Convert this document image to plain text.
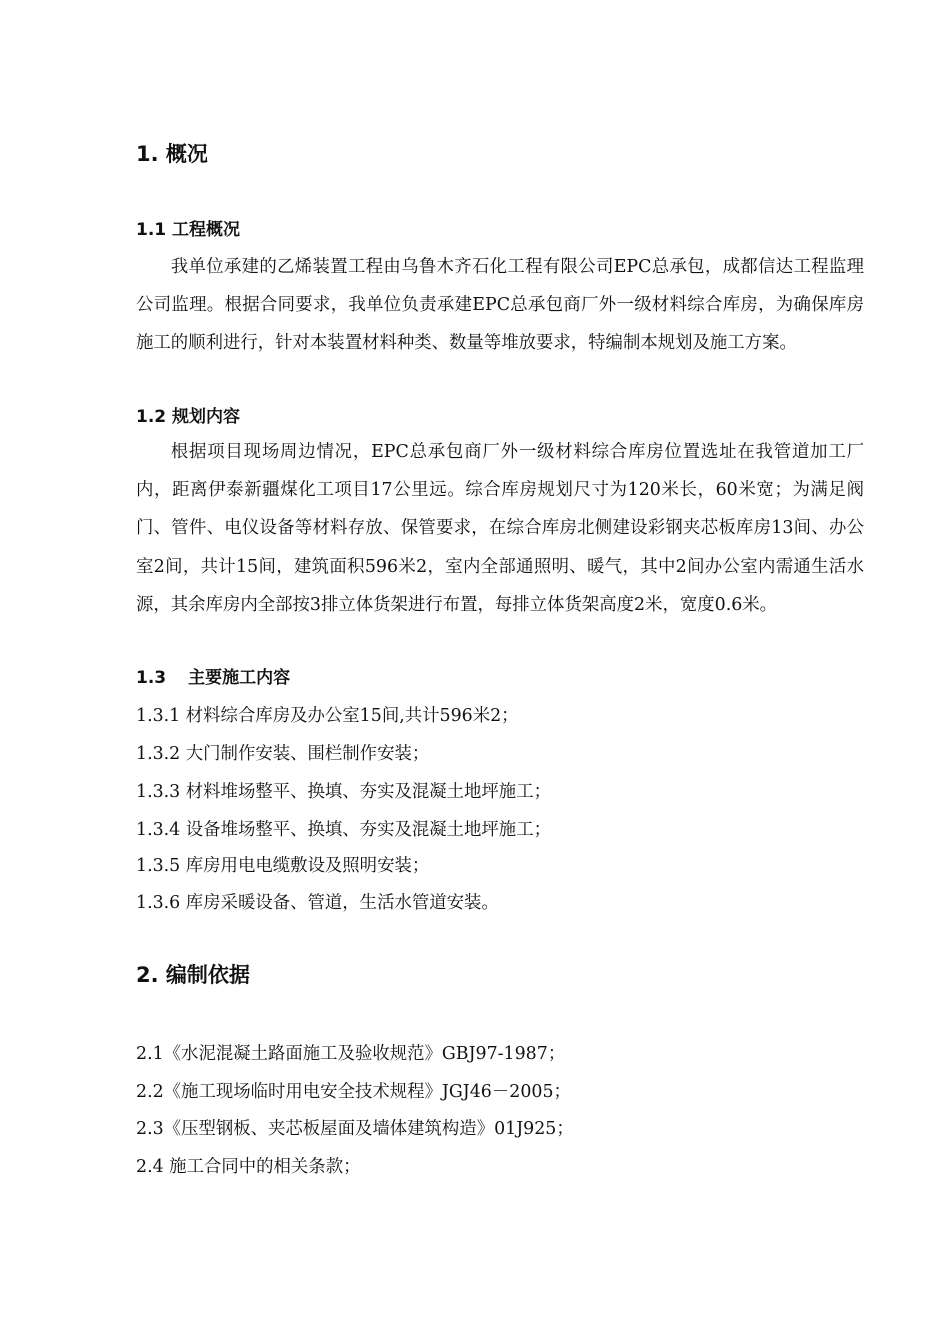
1. 概况
1.1 工程概况

我单位承建的乙烯装置工程由乌鲁木齐石化工程有限公司EPC总承包，成都信达工程监理公司监理。根据合同要求，我单位负责承建EPC总承包商厂外一级材料综合库房，为确保库房施工的顺利进行，针对本装置材料种类、数量等堆放要求，特编制本规划及施工方案。

1.2 规划内容

根据项目现场周边情况，EPC总承包商厂外一级材料综合库房位置选址在我管道加工厂内，距离伊泰新疆煤化工项目17公里远。综合库房规划尺寸为120米长，60米宽；为满足阀门、管件、电仪设备等材料存放、保管要求，在综合库房北侧建设彩钢夹芯板库房13间、办公室2间，共计15间，建筑面积596米2，室内全部通照明、暖气，其中2间办公室内需通生活水源，其余库房内全部按3排立体货架进行布置，每排立体货架高度2米，宽度0.6米。

1.3 主要施工内容
1.3.1 材料综合库房及办公室15间,共计596米2；
1.3.2 大门制作安装、围栏制作安装；
1.3.3 材料堆场整平、换填、夯实及混凝土地坪施工；
1.3.4 设备堆场整平、换填、夯实及混凝土地坪施工；
1.3.5 库房用电电缆敷设及照明安装；
1.3.6 库房采暖设备、管道，生活水管道安装。
2. 编制依据
2.1《水泥混凝土路面施工及验收规范》GBJ97-1987；
2.2《施工现场临时用电安全技术规程》JGJ46－2005；
2.3《压型钢板、夹芯板屋面及墙体建筑构造》01J925；
2.4 施工合同中的相关条款；
